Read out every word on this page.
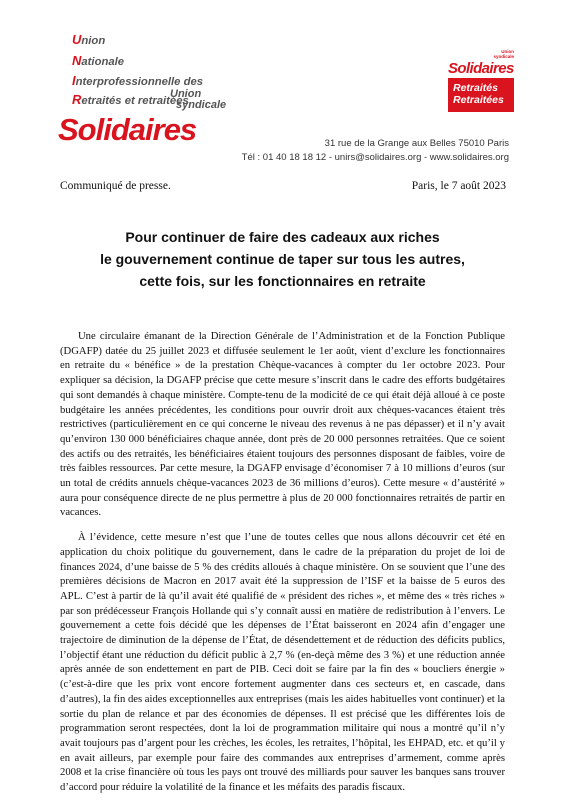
Union
Nationale
Interprofessionnelle des
Retraités et retraitées
Union
syndicale
Solidaires
Union
syndicale
Solidaires
Retraités
Retraitées
31 rue de la Grange aux Belles 75010 Paris
Tél : 01 40 18 18 12 - unirs@solidaires.org - www.solidaires.org
Communiqué de presse.	Paris, le 7 août 2023
Pour continuer de faire des cadeaux aux riches
le gouvernement continue de taper sur tous les autres,
cette fois, sur les fonctionnaires en retraite

Une circulaire émanant de la Direction Générale de l’Administration et de la Fonction Publique (DGAFP) datée du 25 juillet 2023 et diffusée seulement le 1er août, vient d’exclure les fonctionnaires en retraite du « bénéfice » de la prestation Chèque-vacances à compter du 1er octobre 2023. Pour expliquer sa décision, la DGAFP précise que cette mesure s’inscrit dans le cadre des efforts budgétaires qui sont demandés à chaque ministère. Compte-tenu de la modicité de ce qui était déjà alloué à ce poste budgétaire les années précédentes, les conditions pour ouvrir droit aux chèques-vacances étaient très restrictives (particulièrement en ce qui concerne le niveau des revenus à ne pas dépasser) et il n’y avait qu’environ 130 000 bénéficiaires chaque année, dont près de 20 000 personnes retraitées. Que ce soient des actifs ou des retraités, les bénéficiaires étaient toujours des personnes disposant de faibles, voire de très faibles ressources. Par cette mesure, la DGAFP envisage d’économiser 7 à 10 millions d’euros (sur un total de crédits annuels chèque-vacances 2023 de 36 millions d’euros). Cette mesure « d’austérité » aura pour conséquence directe de ne plus permettre à plus de 20 000 fonctionnaires retraités de partir en vacances.

À l’évidence, cette mesure n’est que l’une de toutes celles que nous allons découvrir cet été en application du choix politique du gouvernement, dans le cadre de la préparation du projet de loi de finances 2024, d’une baisse de 5 % des crédits alloués à chaque ministère. On se souvient que l’une des premières décisions de Macron en 2017 avait été la suppression de l’ISF et la baisse de 5 euros des APL. C’est à partir de là qu’il avait été qualifié de « président des riches », et même des « très riches » par son prédécesseur François Hollande qui s’y connaît aussi en matière de redistribution à l’envers. Le gouvernement a cette fois décidé que les dépenses de l’État baisseront en 2024 afin d’engager une trajectoire de diminution de la dépense de l’État, de désendettement et de réduction des déficits publics, l’objectif étant une réduction du déficit public à 2,7 % (en-deçà même des 3 %) et une réduction année après année de son endettement en part de PIB. Ceci doit se faire par la fin des « boucliers énergie » (c’est-à-dire que les prix vont encore fortement augmenter dans ces secteurs et, en cascade, dans d’autres), la fin des aides exceptionnelles aux entreprises (mais les aides habituelles vont continuer) et la sortie du plan de relance et par des économies de dépenses. Il est précisé que les différentes lois de programmation seront respectées, dont la loi de programmation militaire qui nous a montré qu’il n’y avait toujours pas d’argent pour les crèches, les écoles, les retraites, l’hôpital, les EHPAD, etc. et qu’il y en avait ailleurs, par exemple pour faire des commandes aux entreprises d’armement, comme après 2008 et la crise financière où tous les pays ont trouvé des milliards pour sauver les banques sans trouver d’accord pour réduire la volatilité de la finance et les méfaits des paradis fiscaux.
